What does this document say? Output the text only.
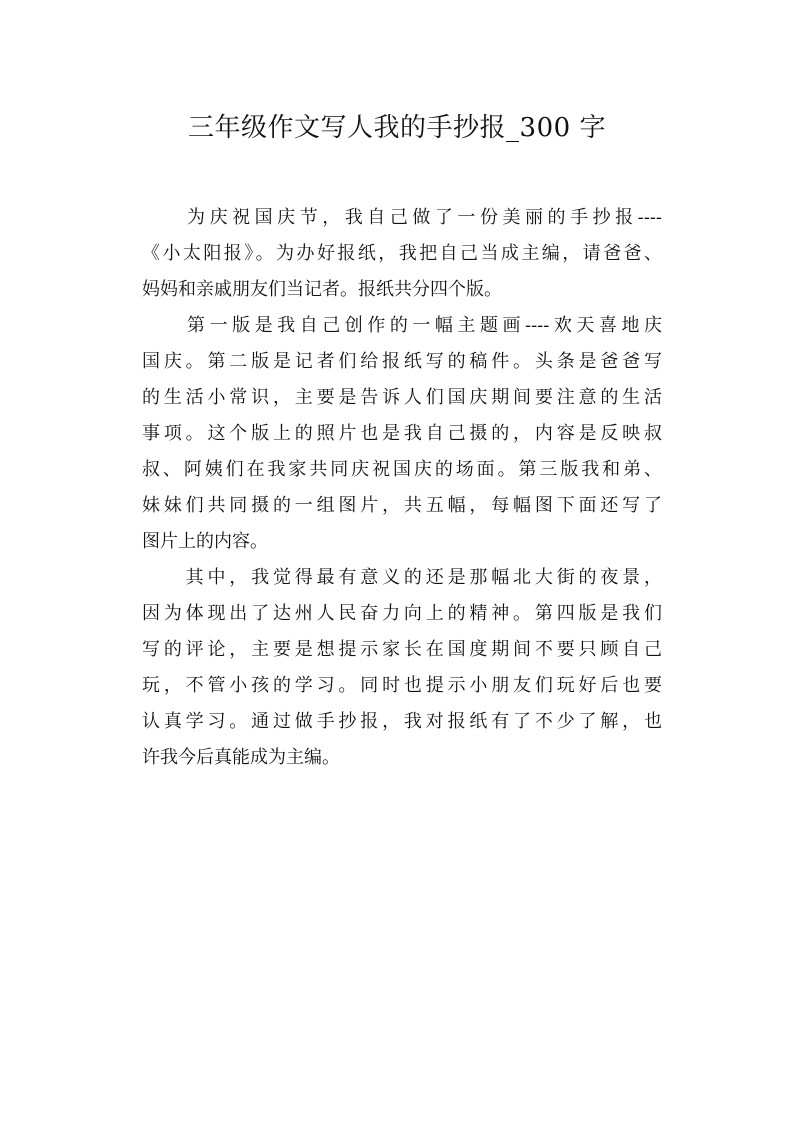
三年级作文写人我的手抄报_300 字
　　为庆祝国庆节，我自己做了一份美丽的手抄报----
《小太阳报》。为办好报纸，我把自己当成主编，请爸爸、
妈妈和亲戚朋友们当记者。报纸共分四个版。
　　第一版是我自己创作的一幅主题画----欢天喜地庆
国庆。第二版是记者们给报纸写的稿件。头条是爸爸写
的生活小常识，主要是告诉人们国庆期间要注意的生活
事项。这个版上的照片也是我自己摄的，内容是反映叔
叔、阿姨们在我家共同庆祝国庆的场面。第三版我和弟、
妹妹们共同摄的一组图片，共五幅，每幅图下面还写了
图片上的内容。
　　其中，我觉得最有意义的还是那幅北大街的夜景，
因为体现出了达州人民奋力向上的精神。第四版是我们
写的评论，主要是想提示家长在国度期间不要只顾自己
玩，不管小孩的学习。同时也提示小朋友们玩好后也要
认真学习。通过做手抄报，我对报纸有了不少了解，也
许我今后真能成为主编。
